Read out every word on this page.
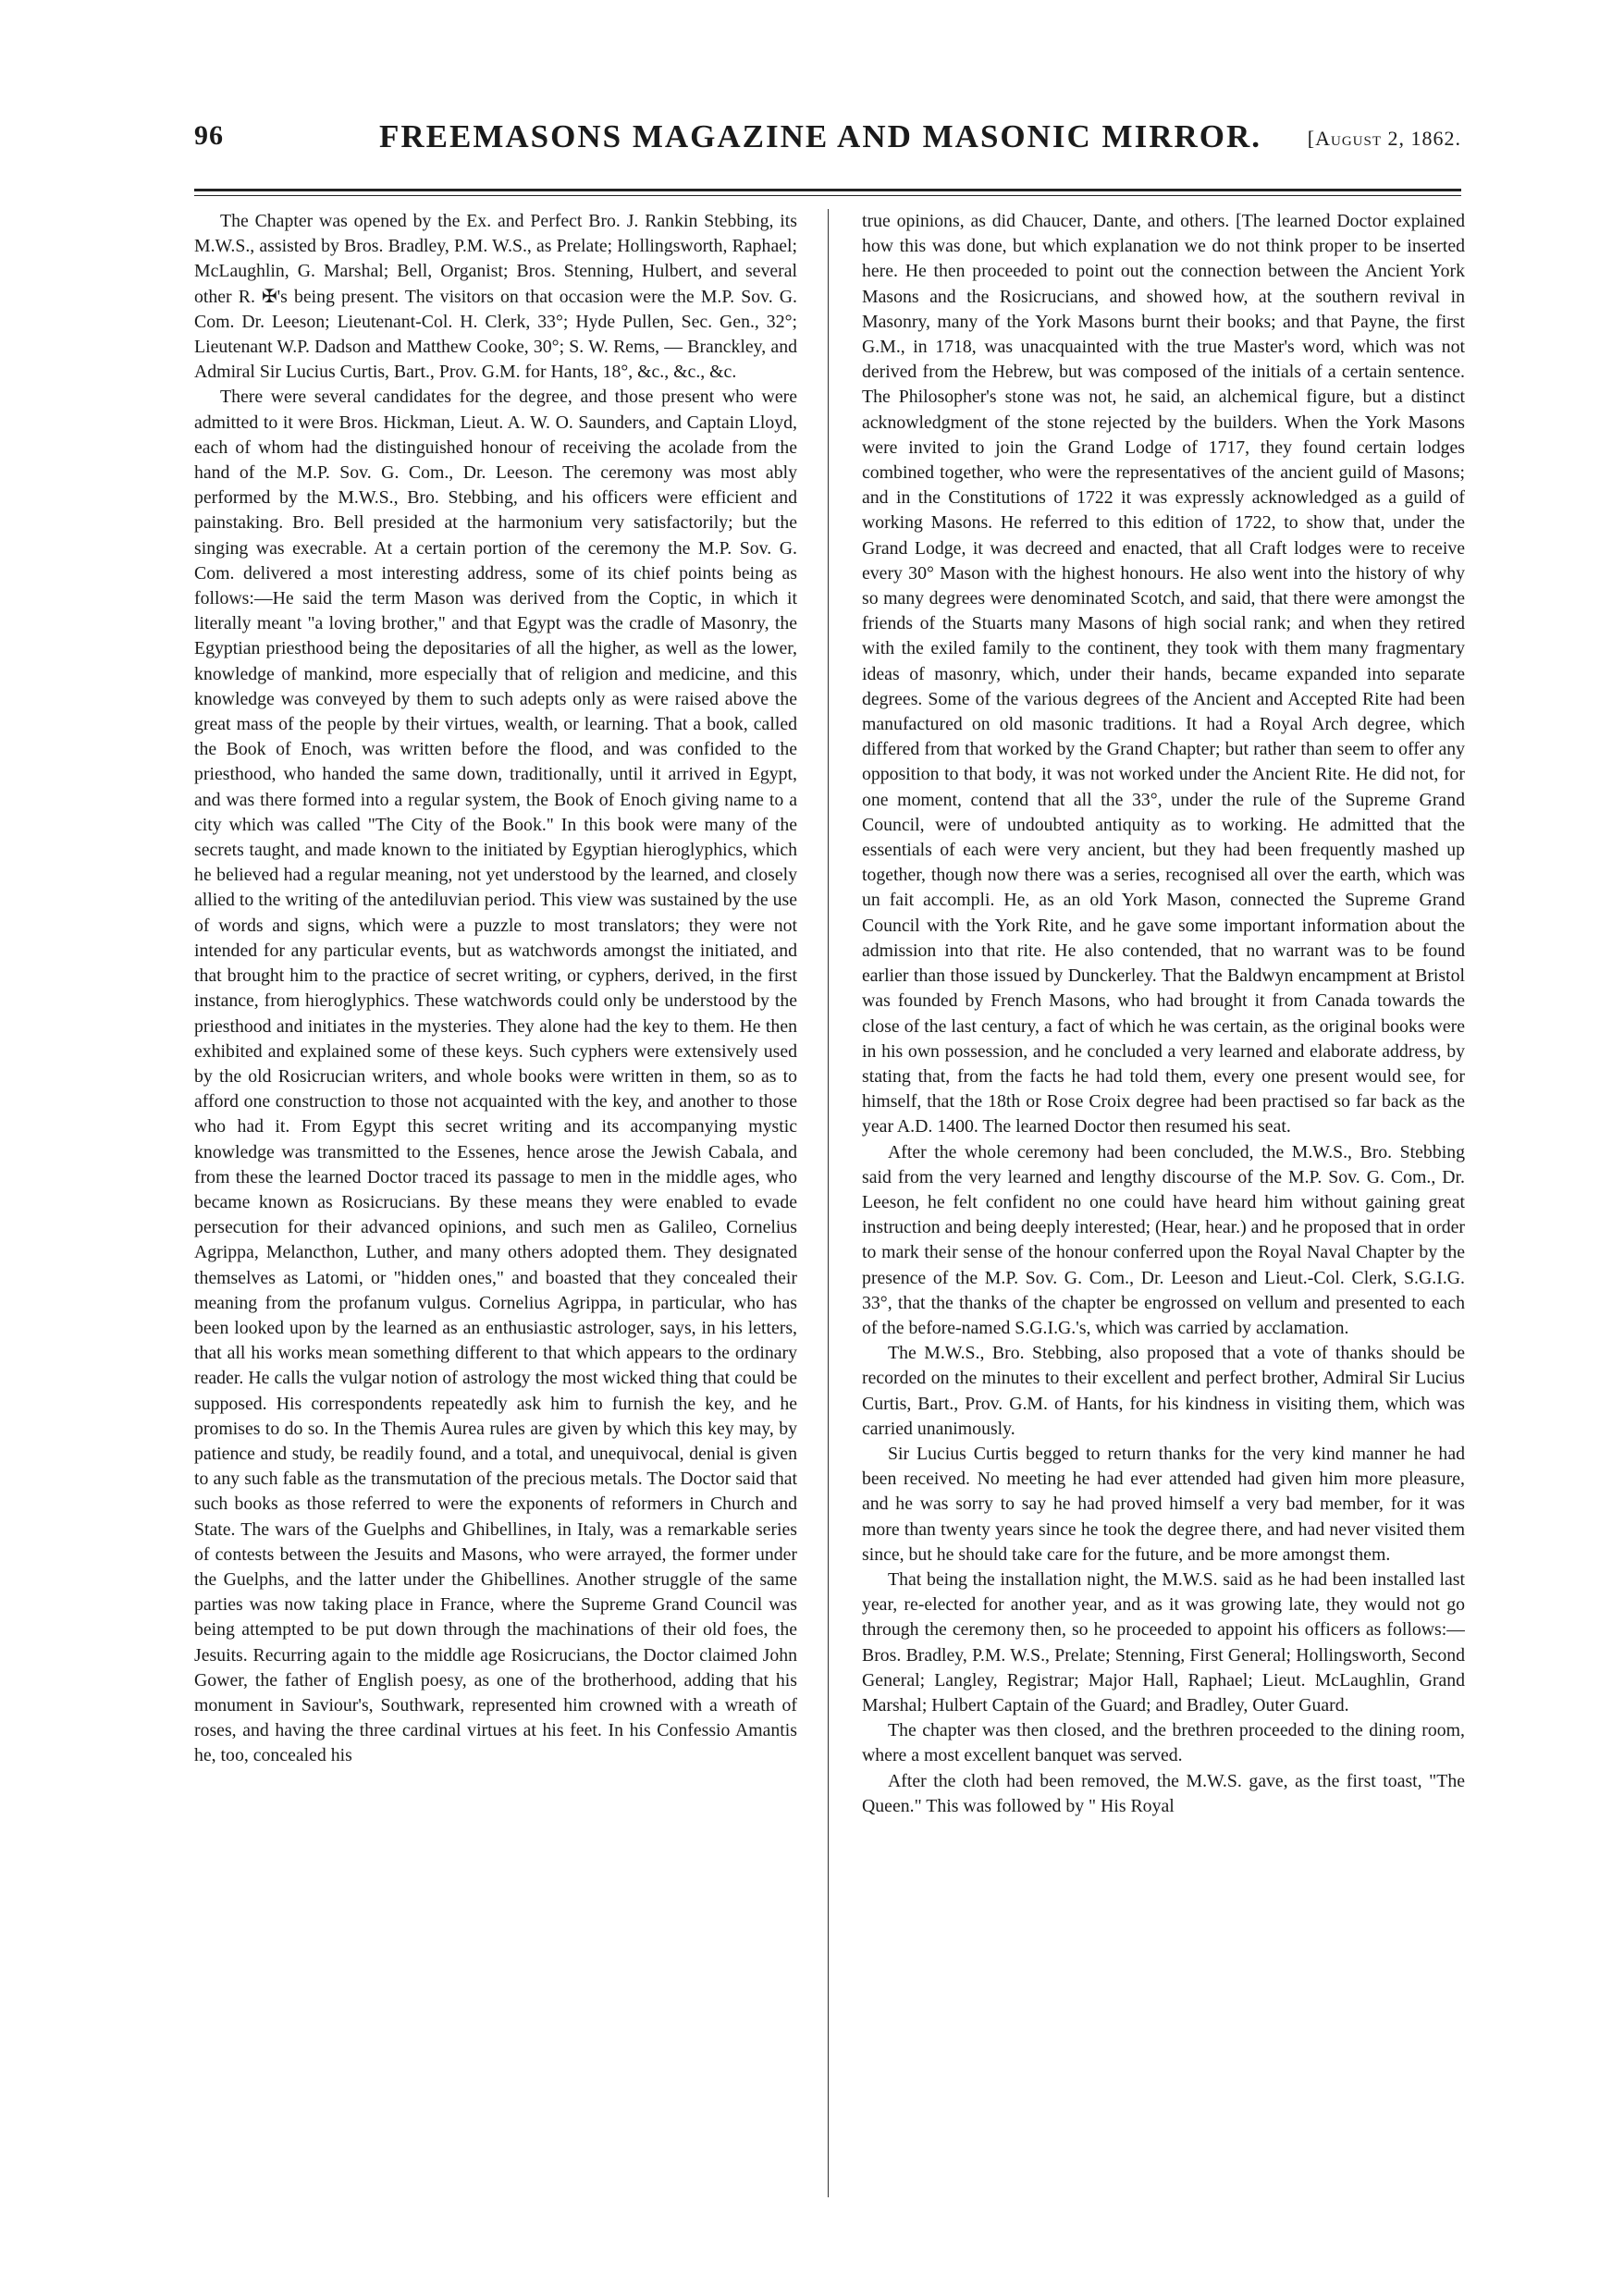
96	FREEMASONS MAGAZINE AND MASONIC MIRROR. [August 2, 1862.

The Chapter was opened by the Ex. and Perfect Bro. J. Rankin Stebbing, its M.W.S., assisted by Bros. Bradley, P.M. W.S., as Prelate; Hollingsworth, Raphael; McLaughlin, G. Marshal; Bell, Organist; Bros. Stenning, Hulbert, and several other R. ✠'s being present. The visitors on that occasion were the M.P. Sov. G. Com. Dr. Leeson; Lieutenant-Col. H. Clerk, 33°; Hyde Pullen, Sec. Gen., 32°; Lieutenant W.P. Dadson and Matthew Cooke, 30°; S. W. Rems, — Branckley, and Admiral Sir Lucius Curtis, Bart., Prov. G.M. for Hants, 18°, &c., &c., &c.

There were several candidates for the degree, and those present who were admitted to it were Bros. Hickman, Lieut. A. W. O. Saunders, and Captain Lloyd, each of whom had the distinguished honour of receiving the acolade from the hand of the M.P. Sov. G. Com., Dr. Leeson. The ceremony was most ably performed by the M.W.S., Bro. Stebbing, and his officers were efficient and painstaking. Bro. Bell presided at the harmonium very satisfactorily; but the singing was execrable. At a certain portion of the ceremony the M.P. Sov. G. Com. delivered a most interesting address, some of its chief points being as follows:—He said the term Mason was derived from the Coptic, in which it literally meant "a loving brother," and that Egypt was the cradle of Masonry, the Egyptian priesthood being the depositaries of all the higher, as well as the lower, knowledge of mankind, more especially that of religion and medicine, and this knowledge was conveyed by them to such adepts only as were raised above the great mass of the people by their virtues, wealth, or learning. That a book, called the Book of Enoch, was written before the flood, and was confided to the priesthood, who handed the same down, traditionally, until it arrived in Egypt, and was there formed into a regular system, the Book of Enoch giving name to a city which was called "The City of the Book." In this book were many of the secrets taught, and made known to the initiated by Egyptian hieroglyphics, which he believed had a regular meaning, not yet understood by the learned, and closely allied to the writing of the antediluvian period. This view was sustained by the use of words and signs, which were a puzzle to most translators; they were not intended for any particular events, but as watchwords amongst the initiated, and that brought him to the practice of secret writing, or cyphers, derived, in the first instance, from hieroglyphics. These watchwords could only be understood by the priesthood and initiates in the mysteries. They alone had the key to them. He then exhibited and explained some of these keys. Such cyphers were extensively used by the old Rosicrucian writers, and whole books were written in them, so as to afford one construction to those not acquainted with the key, and another to those who had it. From Egypt this secret writing and its accompanying mystic knowledge was transmitted to the Essenes, hence arose the Jewish Cabala, and from these the learned Doctor traced its passage to men in the middle ages, who became known as Rosicrucians. By these means they were enabled to evade persecution for their advanced opinions, and such men as Galileo, Cornelius Agrippa, Melancthon, Luther, and many others adopted them. They designated themselves as Latomi, or "hidden ones," and boasted that they concealed their meaning from the profanum vulgus. Cornelius Agrippa, in particular, who has been looked upon by the learned as an enthusiastic astrologer, says, in his letters, that all his works mean something different to that which appears to the ordinary reader. He calls the vulgar notion of astrology the most wicked thing that could be supposed. His correspondents repeatedly ask him to furnish the key, and he promises to do so. In the Themis Aurea rules are given by which this key may, by patience and study, be readily found, and a total, and unequivocal, denial is given to any such fable as the transmutation of the precious metals. The Doctor said that such books as those referred to were the exponents of reformers in Church and State. The wars of the Guelphs and Ghibellines, in Italy, was a remarkable series of contests between the Jesuits and Masons, who were arrayed, the former under the Guelphs, and the latter under the Ghibellines. Another struggle of the same parties was now taking place in France, where the Supreme Grand Council was being attempted to be put down through the machinations of their old foes, the Jesuits. Recurring again to the middle age Rosicrucians, the Doctor claimed John Gower, the father of English poesy, as one of the brotherhood, adding that his monument in Saviour's, Southwark, represented him crowned with a wreath of roses, and having the three cardinal virtues at his feet. In his Confessio Amantis he, too, concealed his

true opinions, as did Chaucer, Dante, and others. [The learned Doctor explained how this was done, but which explanation we do not think proper to be inserted here. He then proceeded to point out the connection between the Ancient York Masons and the Rosicrucians, and showed how, at the southern revival in Masonry, many of the York Masons burnt their books; and that Payne, the first G.M., in 1718, was unacquainted with the true Master's word, which was not derived from the Hebrew, but was composed of the initials of a certain sentence. The Philosopher's stone was not, he said, an alchemical figure, but a distinct acknowledgment of the stone rejected by the builders. When the York Masons were invited to join the Grand Lodge of 1717, they found certain lodges combined together, who were the representatives of the ancient guild of Masons; and in the Constitutions of 1722 it was expressly acknowledged as a guild of working Masons. He referred to this edition of 1722, to show that, under the Grand Lodge, it was decreed and enacted, that all Craft lodges were to receive every 30° Mason with the highest honours. He also went into the history of why so many degrees were denominated Scotch, and said, that there were amongst the friends of the Stuarts many Masons of high social rank; and when they retired with the exiled family to the continent, they took with them many fragmentary ideas of masonry, which, under their hands, became expanded into separate degrees. Some of the various degrees of the Ancient and Accepted Rite had been manufactured on old masonic traditions. It had a Royal Arch degree, which differed from that worked by the Grand Chapter; but rather than seem to offer any opposition to that body, it was not worked under the Ancient Rite. He did not, for one moment, contend that all the 33°, under the rule of the Supreme Grand Council, were of undoubted antiquity as to working. He admitted that the essentials of each were very ancient, but they had been frequently mashed up together, though now there was a series, recognised all over the earth, which was un fait accompli. He, as an old York Mason, connected the Supreme Grand Council with the York Rite, and he gave some important information about the admission into that rite. He also contended, that no warrant was to be found earlier than those issued by Dunckerley. That the Baldwyn encampment at Bristol was founded by French Masons, who had brought it from Canada towards the close of the last century, a fact of which he was certain, as the original books were in his own possession, and he concluded a very learned and elaborate address, by stating that, from the facts he had told them, every one present would see, for himself, that the 18th or Rose Croix degree had been practised so far back as the year A.D. 1400. The learned Doctor then resumed his seat.

After the whole ceremony had been concluded, the M.W.S., Bro. Stebbing said from the very learned and lengthy discourse of the M.P. Sov. G. Com., Dr. Leeson, he felt confident no one could have heard him without gaining great instruction and being deeply interested; (Hear, hear.) and he proposed that in order to mark their sense of the honour conferred upon the Royal Naval Chapter by the presence of the M.P. Sov. G. Com., Dr. Leeson and Lieut.-Col. Clerk, S.G.I.G. 33°, that the thanks of the chapter be engrossed on vellum and presented to each of the before-named S.G.I.G.'s, which was carried by acclamation.

The M.W.S., Bro. Stebbing, also proposed that a vote of thanks should be recorded on the minutes to their excellent and perfect brother, Admiral Sir Lucius Curtis, Bart., Prov. G.M. of Hants, for his kindness in visiting them, which was carried unanimously.

Sir Lucius Curtis begged to return thanks for the very kind manner he had been received. No meeting he had ever attended had given him more pleasure, and he was sorry to say he had proved himself a very bad member, for it was more than twenty years since he took the degree there, and had never visited them since, but he should take care for the future, and be more amongst them.

That being the installation night, the M.W.S. said as he had been installed last year, re-elected for another year, and as it was growing late, they would not go through the ceremony then, so he proceeded to appoint his officers as follows:—Bros. Bradley, P.M. W.S., Prelate; Stenning, First General; Hollingsworth, Second General; Langley, Registrar; Major Hall, Raphael; Lieut. McLaughlin, Grand Marshal; Hulbert Captain of the Guard; and Bradley, Outer Guard.

The chapter was then closed, and the brethren proceeded to the dining room, where a most excellent banquet was served.

After the cloth had been removed, the M.W.S. gave, as the first toast, "The Queen." This was followed by " His Royal
